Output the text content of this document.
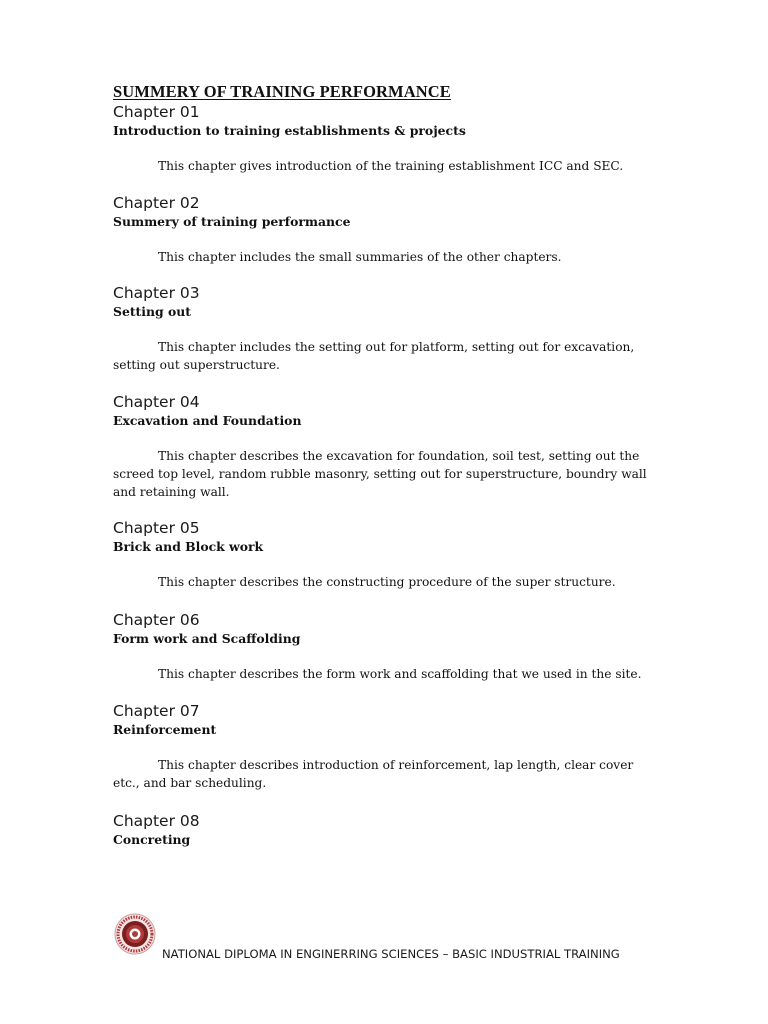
SUMMERY OF TRAINING PERFORMANCE
Chapter 01
Introduction to training establishments & projects

This chapter gives introduction of the training establishment ICC and SEC.

Chapter 02
Summery of training performance

This chapter includes the small summaries of the other chapters.

Chapter 03
Setting out

This chapter includes the setting out for platform, setting out for excavation, setting out superstructure.

Chapter 04
Excavation and Foundation

This chapter describes the excavation for foundation, soil test, setting out the screed top level, random rubble masonry, setting out for superstructure, boundry wall and retaining wall.

Chapter 05
Brick and Block work

This chapter describes the constructing procedure of the super structure.

Chapter 06
Form work and Scaffolding

This chapter describes the form work and scaffolding that we used in the site.

Chapter 07
Reinforcement

This chapter describes introduction of reinforcement, lap length, clear cover etc., and bar scheduling.

Chapter 08
Concreting
NATIONAL DIPLOMA IN ENGINERRING SCIENCES – BASIC INDUSTRIAL TRAINING
